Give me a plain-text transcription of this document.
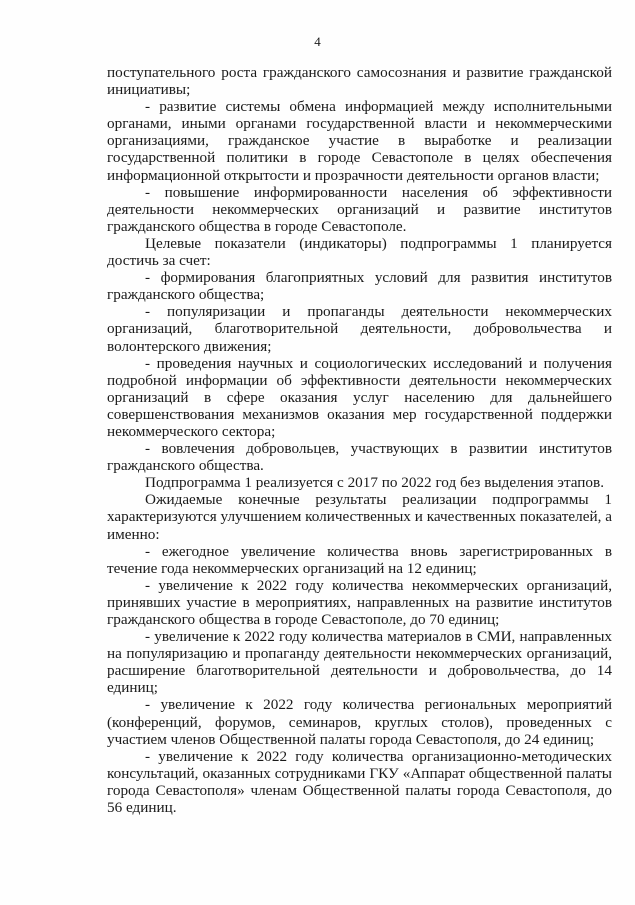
4

поступательного роста гражданского самосознания и развитие гражданской инициативы;

- развитие системы обмена информацией между исполнительными органами, иными органами государственной власти и некоммерческими организациями, гражданское участие в выработке и реализации государственной политики в городе Севастополе в целях обеспечения информационной открытости и прозрачности деятельности органов власти;

- повышение информированности населения об эффективности деятельности некоммерческих организаций и развитие институтов гражданского общества в городе Севастополе.

Целевые показатели (индикаторы) подпрограммы 1 планируется достичь за счет:

- формирования благоприятных условий для развития институтов гражданского общества;

- популяризации и пропаганды деятельности некоммерческих организаций, благотворительной деятельности, добровольчества и волонтерского движения;

- проведения научных и социологических исследований и получения подробной информации об эффективности деятельности некоммерческих организаций в сфере оказания услуг населению для дальнейшего совершенствования механизмов оказания мер государственной поддержки некоммерческого сектора;

- вовлечения добровольцев, участвующих в развитии институтов гражданского общества.

Подпрограмма 1 реализуется с 2017 по 2022 год без выделения этапов.

Ожидаемые конечные результаты реализации подпрограммы 1 характеризуются улучшением количественных и качественных показателей, а именно:

- ежегодное увеличение количества вновь зарегистрированных в течение года некоммерческих организаций на 12 единиц;

- увеличение к 2022 году количества некоммерческих организаций, принявших участие в мероприятиях, направленных на развитие институтов гражданского общества в городе Севастополе, до 70 единиц;

- увеличение к 2022 году количества материалов в СМИ, направленных на популяризацию и пропаганду деятельности некоммерческих организаций, расширение благотворительной деятельности и добровольчества, до 14 единиц;

- увеличение к 2022 году количества региональных мероприятий (конференций, форумов, семинаров, круглых столов), проведенных с участием членов Общественной палаты города Севастополя, до 24 единиц;

- увеличение к 2022 году количества организационно-методических консультаций, оказанных сотрудниками ГКУ «Аппарат общественной палаты города Севастополя» членам Общественной палаты города Севастополя, до 56 единиц.
